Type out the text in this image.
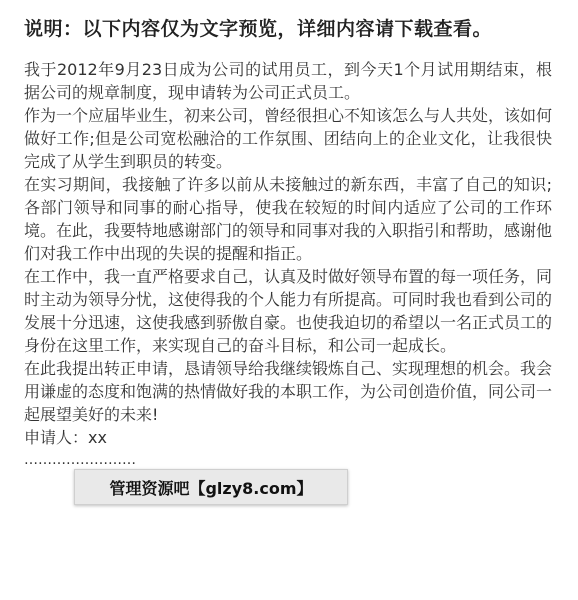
说明：以下内容仅为文字预览，详细内容请下载查看。

我于2012年9月23日成为公司的试用员工，到今天1个月试用期结束，根据公司的规章制度，现申请转为公司正式员工。

作为一个应届毕业生，初来公司，曾经很担心不知该怎么与人共处，该如何做好工作;但是公司宽松融洽的工作氛围、团结向上的企业文化，让我很快完成了从学生到职员的转变。

在实习期间，我接触了许多以前从未接触过的新东西，丰富了自己的知识;各部门领导和同事的耐心指导，使我在较短的时间内适应了公司的工作环境。在此，我要特地感谢部门的领导和同事对我的入职指引和帮助，感谢他们对我工作中出现的失误的提醒和指正。

在工作中，我一直严格要求自己，认真及时做好领导布置的每一项任务，同时主动为领导分忧，这使得我的个人能力有所提高。可同时我也看到公司的发展十分迅速，这使我感到骄傲自豪。也使我迫切的希望以一名正式员工的身份在这里工作，来实现自己的奋斗目标，和公司一起成长。

在此我提出转正申请，恳请领导给我继续锻炼自己、实现理想的机会。我会用谦虚的态度和饱满的热情做好我的本职工作，为公司创造价值，同公司一起展望美好的未来!

申请人：xx

……………………

管理资源吧【glzy8.com】
